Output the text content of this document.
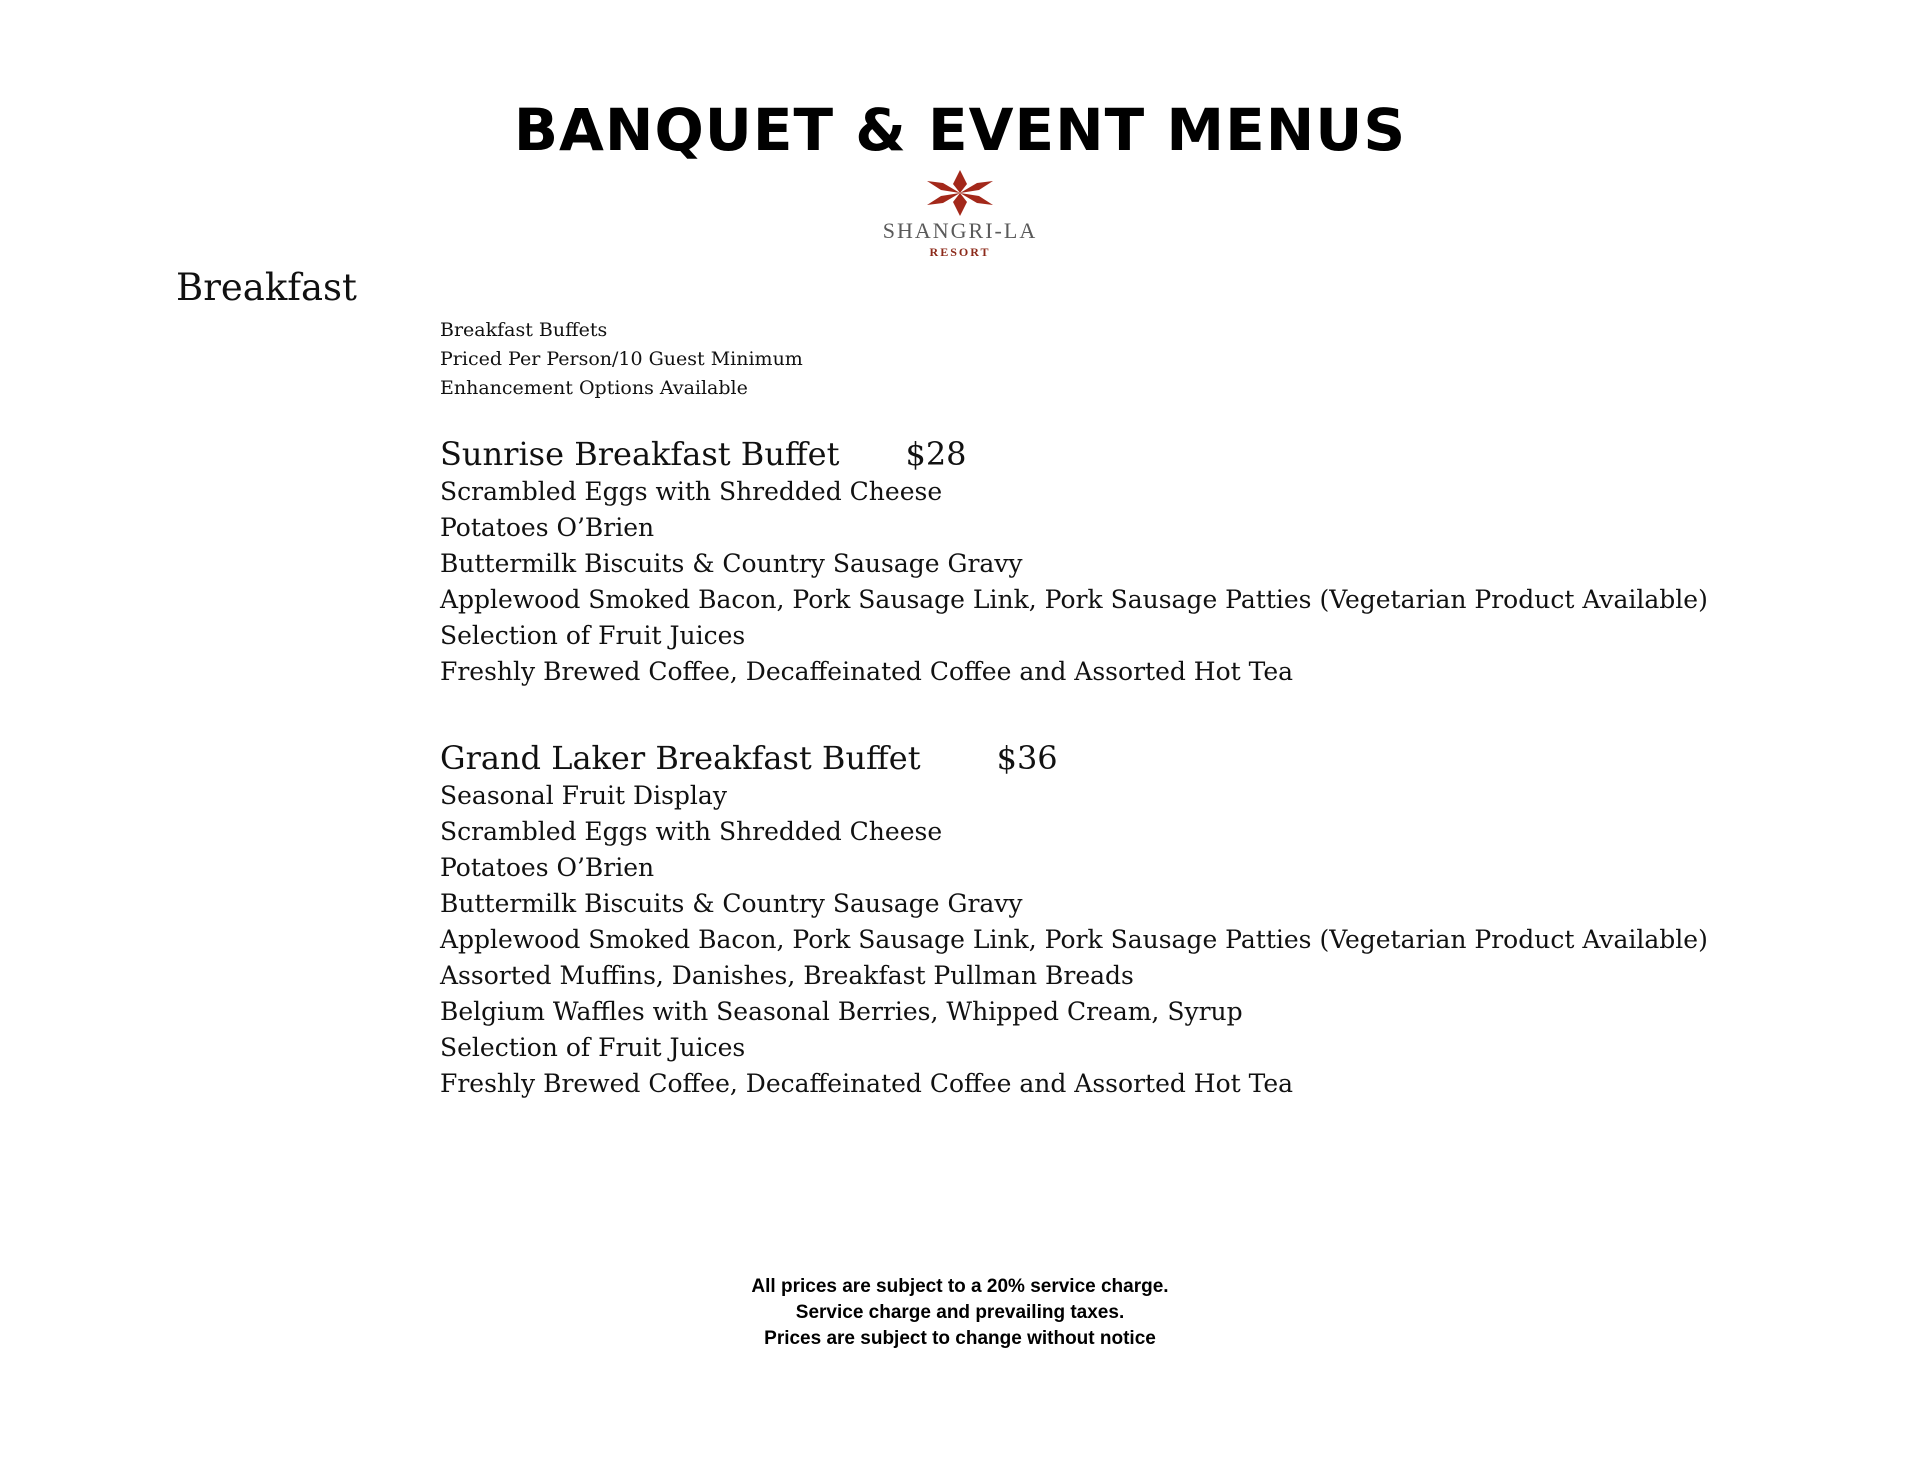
BANQUET & EVENT MENUS
SHANGRI-LA
RESORT
Breakfast
Breakfast Buffets
Priced Per Person/10 Guest Minimum
Enhancement Options Available
Sunrise Breakfast Buffet $28
Scrambled Eggs with Shredded Cheese
Potatoes O’Brien
Buttermilk Biscuits & Country Sausage Gravy
Applewood Smoked Bacon, Pork Sausage Link, Pork Sausage Patties (Vegetarian Product Available)
Selection of Fruit Juices
Freshly Brewed Coffee, Decaffeinated Coffee and Assorted Hot Tea
Grand Laker Breakfast Buffet $36
Seasonal Fruit Display
Scrambled Eggs with Shredded Cheese
Potatoes O’Brien
Buttermilk Biscuits & Country Sausage Gravy
Applewood Smoked Bacon, Pork Sausage Link, Pork Sausage Patties (Vegetarian Product Available)
Assorted Muffins, Danishes, Breakfast Pullman Breads
Belgium Waffles with Seasonal Berries, Whipped Cream, Syrup
Selection of Fruit Juices
Freshly Brewed Coffee, Decaffeinated Coffee and Assorted Hot Tea
All prices are subject to a 20% service charge.
Service charge and prevailing taxes.
Prices are subject to change without notice
